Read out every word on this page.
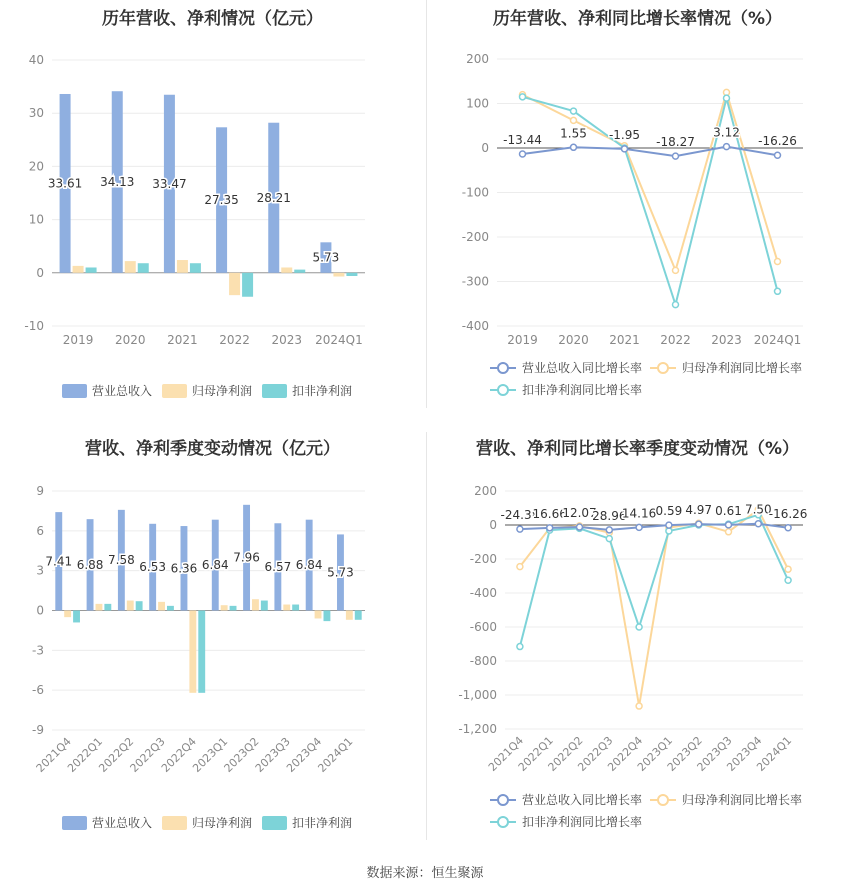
历年营收、净利情况（亿元）
40
30
20
10
0
-10
33.61 34.13 33.47
27.35 28.21
5.73
2019 2020 2021 2022 2023 2024Q1
营业总收入	归母净利润	扣非净利润
历年营收、净利同比增长率情况（%）
200
100
0
-100
-200
-300
-400
-13.44 1.55 -1.95
-18.27
3.12
-16.26
2019 2020 2021 2022 2023 2024Q1
营业总收入同比增长率	归母净利润同比增长率
扣非净利润同比增长率
营收、净利季度变动情况（亿元）
9
6
3
0
-3
-6
-9
7.41 6.88 7.58 6.53 6.36 6.84
7.96
6.57 6.84
5.73
2021Q4
2022Q1
2022Q2
2022Q3
2022Q4
2023Q1
2023Q2
2023Q3
2023Q4
2024Q1
营业总收入	归母净利润	扣非净利润
营收、净利同比增长率季度变动情况（%）
200
0
-200
-400
-600
-800
-1,000
-1,200
-24.38
16.66
12.07
28.96
14.16 0.59 4.97 0.61 7.50
-16.26
2021Q4
2022Q1
2022Q2
2022Q3
2022Q4
2023Q1
2023Q2
2023Q3
2023Q4
2024Q1
营业总收入同比增长率	归母净利润同比增长率
扣非净利润同比增长率
数据来源：恒生聚源
